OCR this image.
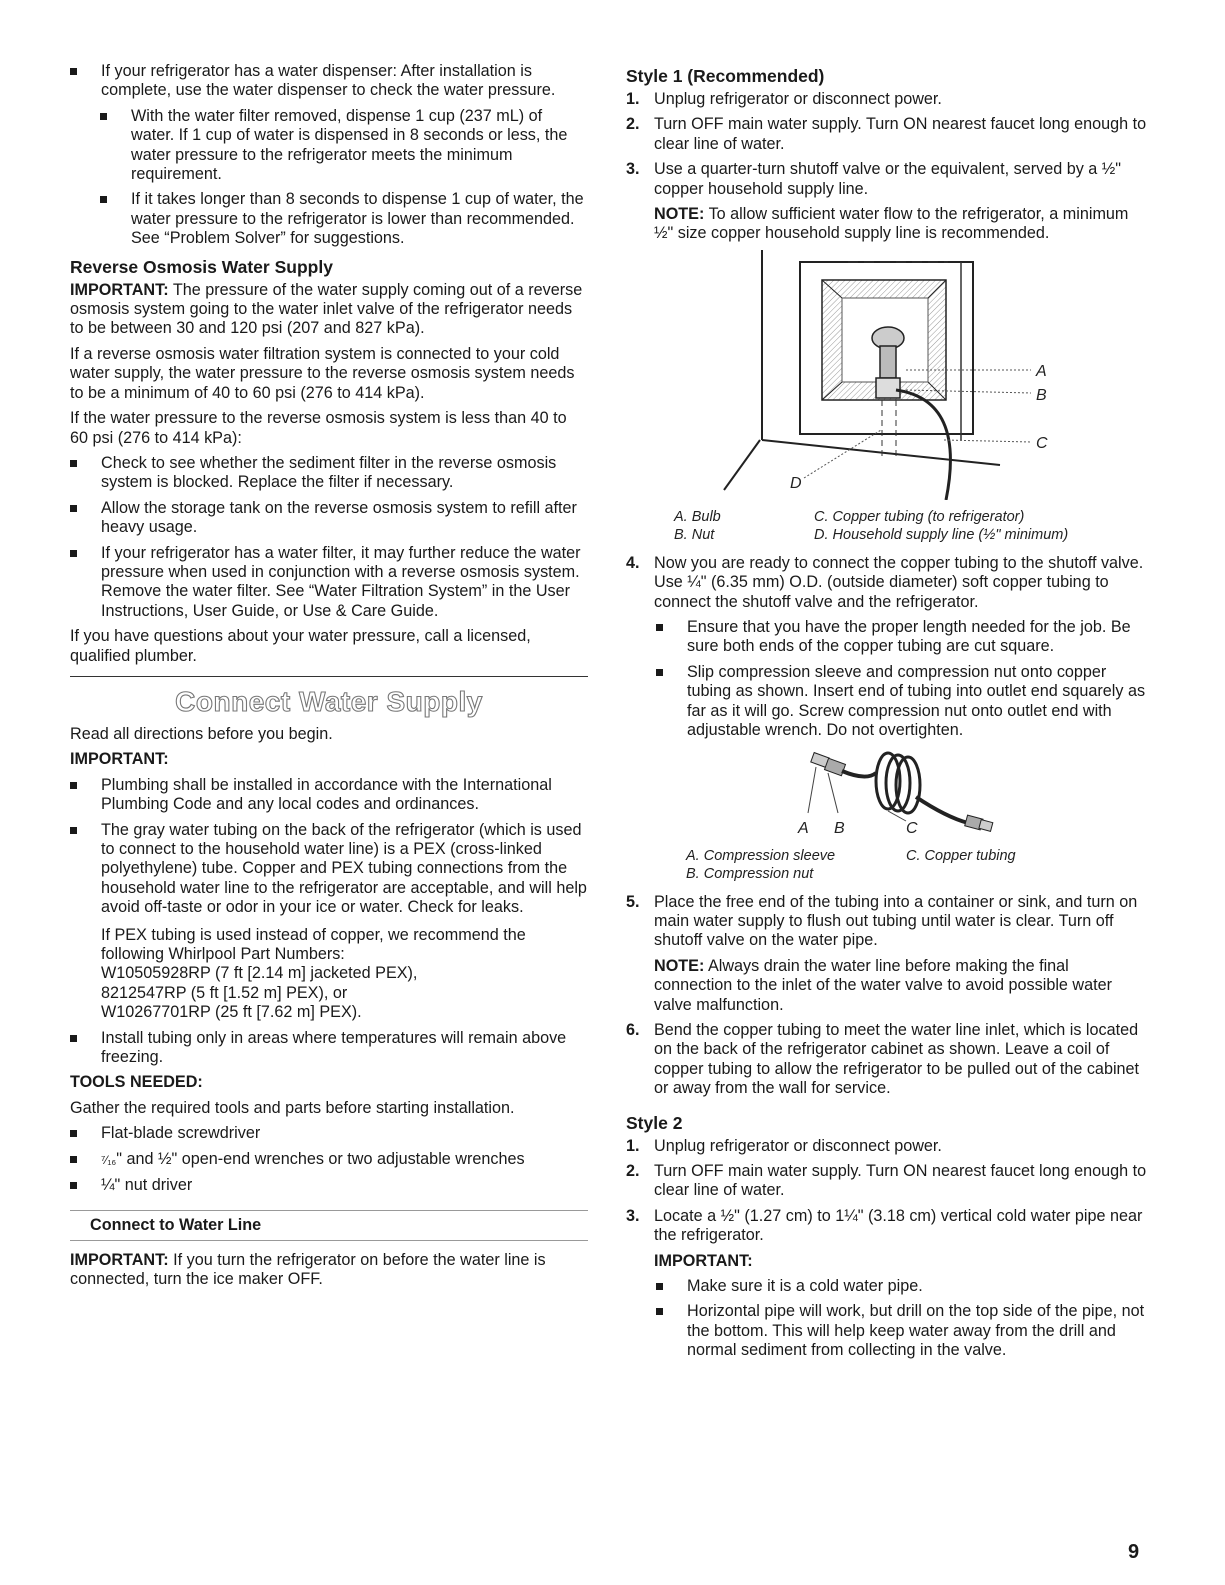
If your refrigerator has a water dispenser: After installation is complete, use the water dispenser to check the water pressure.
With the water filter removed, dispense 1 cup (237 mL) of water. If 1 cup of water is dispensed in 8 seconds or less, the water pressure to the refrigerator meets the minimum requirement.
If it takes longer than 8 seconds to dispense 1 cup of water, the water pressure to the refrigerator is lower than recommended. See “Problem Solver” for suggestions.
Reverse Osmosis Water Supply

IMPORTANT: The pressure of the water supply coming out of a reverse osmosis system going to the water inlet valve of the refrigerator needs to be between 30 and 120 psi (207 and 827 kPa).

If a reverse osmosis water filtration system is connected to your cold water supply, the water pressure to the reverse osmosis system needs to be a minimum of 40 to 60 psi (276 to 414 kPa).

If the water pressure to the reverse osmosis system is less than 40 to 60 psi (276 to 414 kPa):

Check to see whether the sediment filter in the reverse osmosis system is blocked. Replace the filter if necessary.
Allow the storage tank on the reverse osmosis system to refill after heavy usage.
If your refrigerator has a water filter, it may further reduce the water pressure when used in conjunction with a reverse osmosis system. Remove the water filter. See “Water Filtration System” in the User Instructions, User Guide, or Use & Care Guide.

If you have questions about your water pressure, call a licensed, qualified plumber.

Connect Water Supply

Read all directions before you begin.

IMPORTANT:

Plumbing shall be installed in accordance with the International Plumbing Code and any local codes and ordinances.

The gray water tubing on the back of the refrigerator (which is used to connect to the household water line) is a PEX (cross-linked polyethylene) tube. Copper and PEX tubing connections from the household water line to the refrigerator are acceptable, and will help avoid off-taste or odor in your ice or water. Check for leaks.

If PEX tubing is used instead of copper, we recommend the following Whirlpool Part Numbers:
W10505928RP (7 ft [2.14 m] jacketed PEX),
8212547RP (5 ft [1.52 m] PEX), or
W10267701RP (25 ft [7.62 m] PEX).

Install tubing only in areas where temperatures will remain above freezing.

TOOLS NEEDED:

Gather the required tools and parts before starting installation.

Flat-blade screwdriver
⁷⁄₁₆" and ½" open-end wrenches or two adjustable wrenches
¼" nut driver
Connect to Water Line

IMPORTANT: If you turn the refrigerator on before the water line is connected, turn the ice maker OFF.

Style 1 (Recommended)
1. Unplug refrigerator or disconnect power.
2. Turn OFF main water supply. Turn ON nearest faucet long enough to clear line of water.
3. Use a quarter-turn shutoff valve or the equivalent, served by a ½" copper household supply line.

NOTE: To allow sufficient water flow to the refrigerator, a minimum ½" size copper household supply line is recommended.

A
B
C
D
A. Bulb	C. Copper tubing (to refrigerator)
B. Nut	D. Household supply line (½" minimum)
4. Now you are ready to connect the copper tubing to the shutoff valve. Use ¼" (6.35 mm) O.D. (outside diameter) soft copper tubing to connect the shutoff valve and the refrigerator.
Ensure that you have the proper length needed for the job. Be sure both ends of the copper tubing are cut square.
Slip compression sleeve and compression nut onto copper tubing as shown. Insert end of tubing into outlet end squarely as far as it will go. Screw compression nut onto outlet end with adjustable wrench. Do not overtighten.
A B	C
A. Compression sleeve	C. Copper tubing
B. Compression nut
5. Place the free end of the tubing into a container or sink, and turn on main water supply to flush out tubing until water is clear. Turn off shutoff valve on the water pipe.

NOTE: Always drain the water line before making the final connection to the inlet of the water valve to avoid possible water valve malfunction.

6. Bend the copper tubing to meet the water line inlet, which is located on the back of the refrigerator cabinet as shown. Leave a coil of copper tubing to allow the refrigerator to be pulled out of the cabinet or away from the wall for service.
Style 2
1. Unplug refrigerator or disconnect power.
2. Turn OFF main water supply. Turn ON nearest faucet long enough to clear line of water.
3. Locate a ½" (1.27 cm) to 1¼" (3.18 cm) vertical cold water pipe near the refrigerator.

IMPORTANT:

Make sure it is a cold water pipe.
Horizontal pipe will work, but drill on the top side of the pipe, not the bottom. This will help keep water away from the drill and normal sediment from collecting in the valve.
9
